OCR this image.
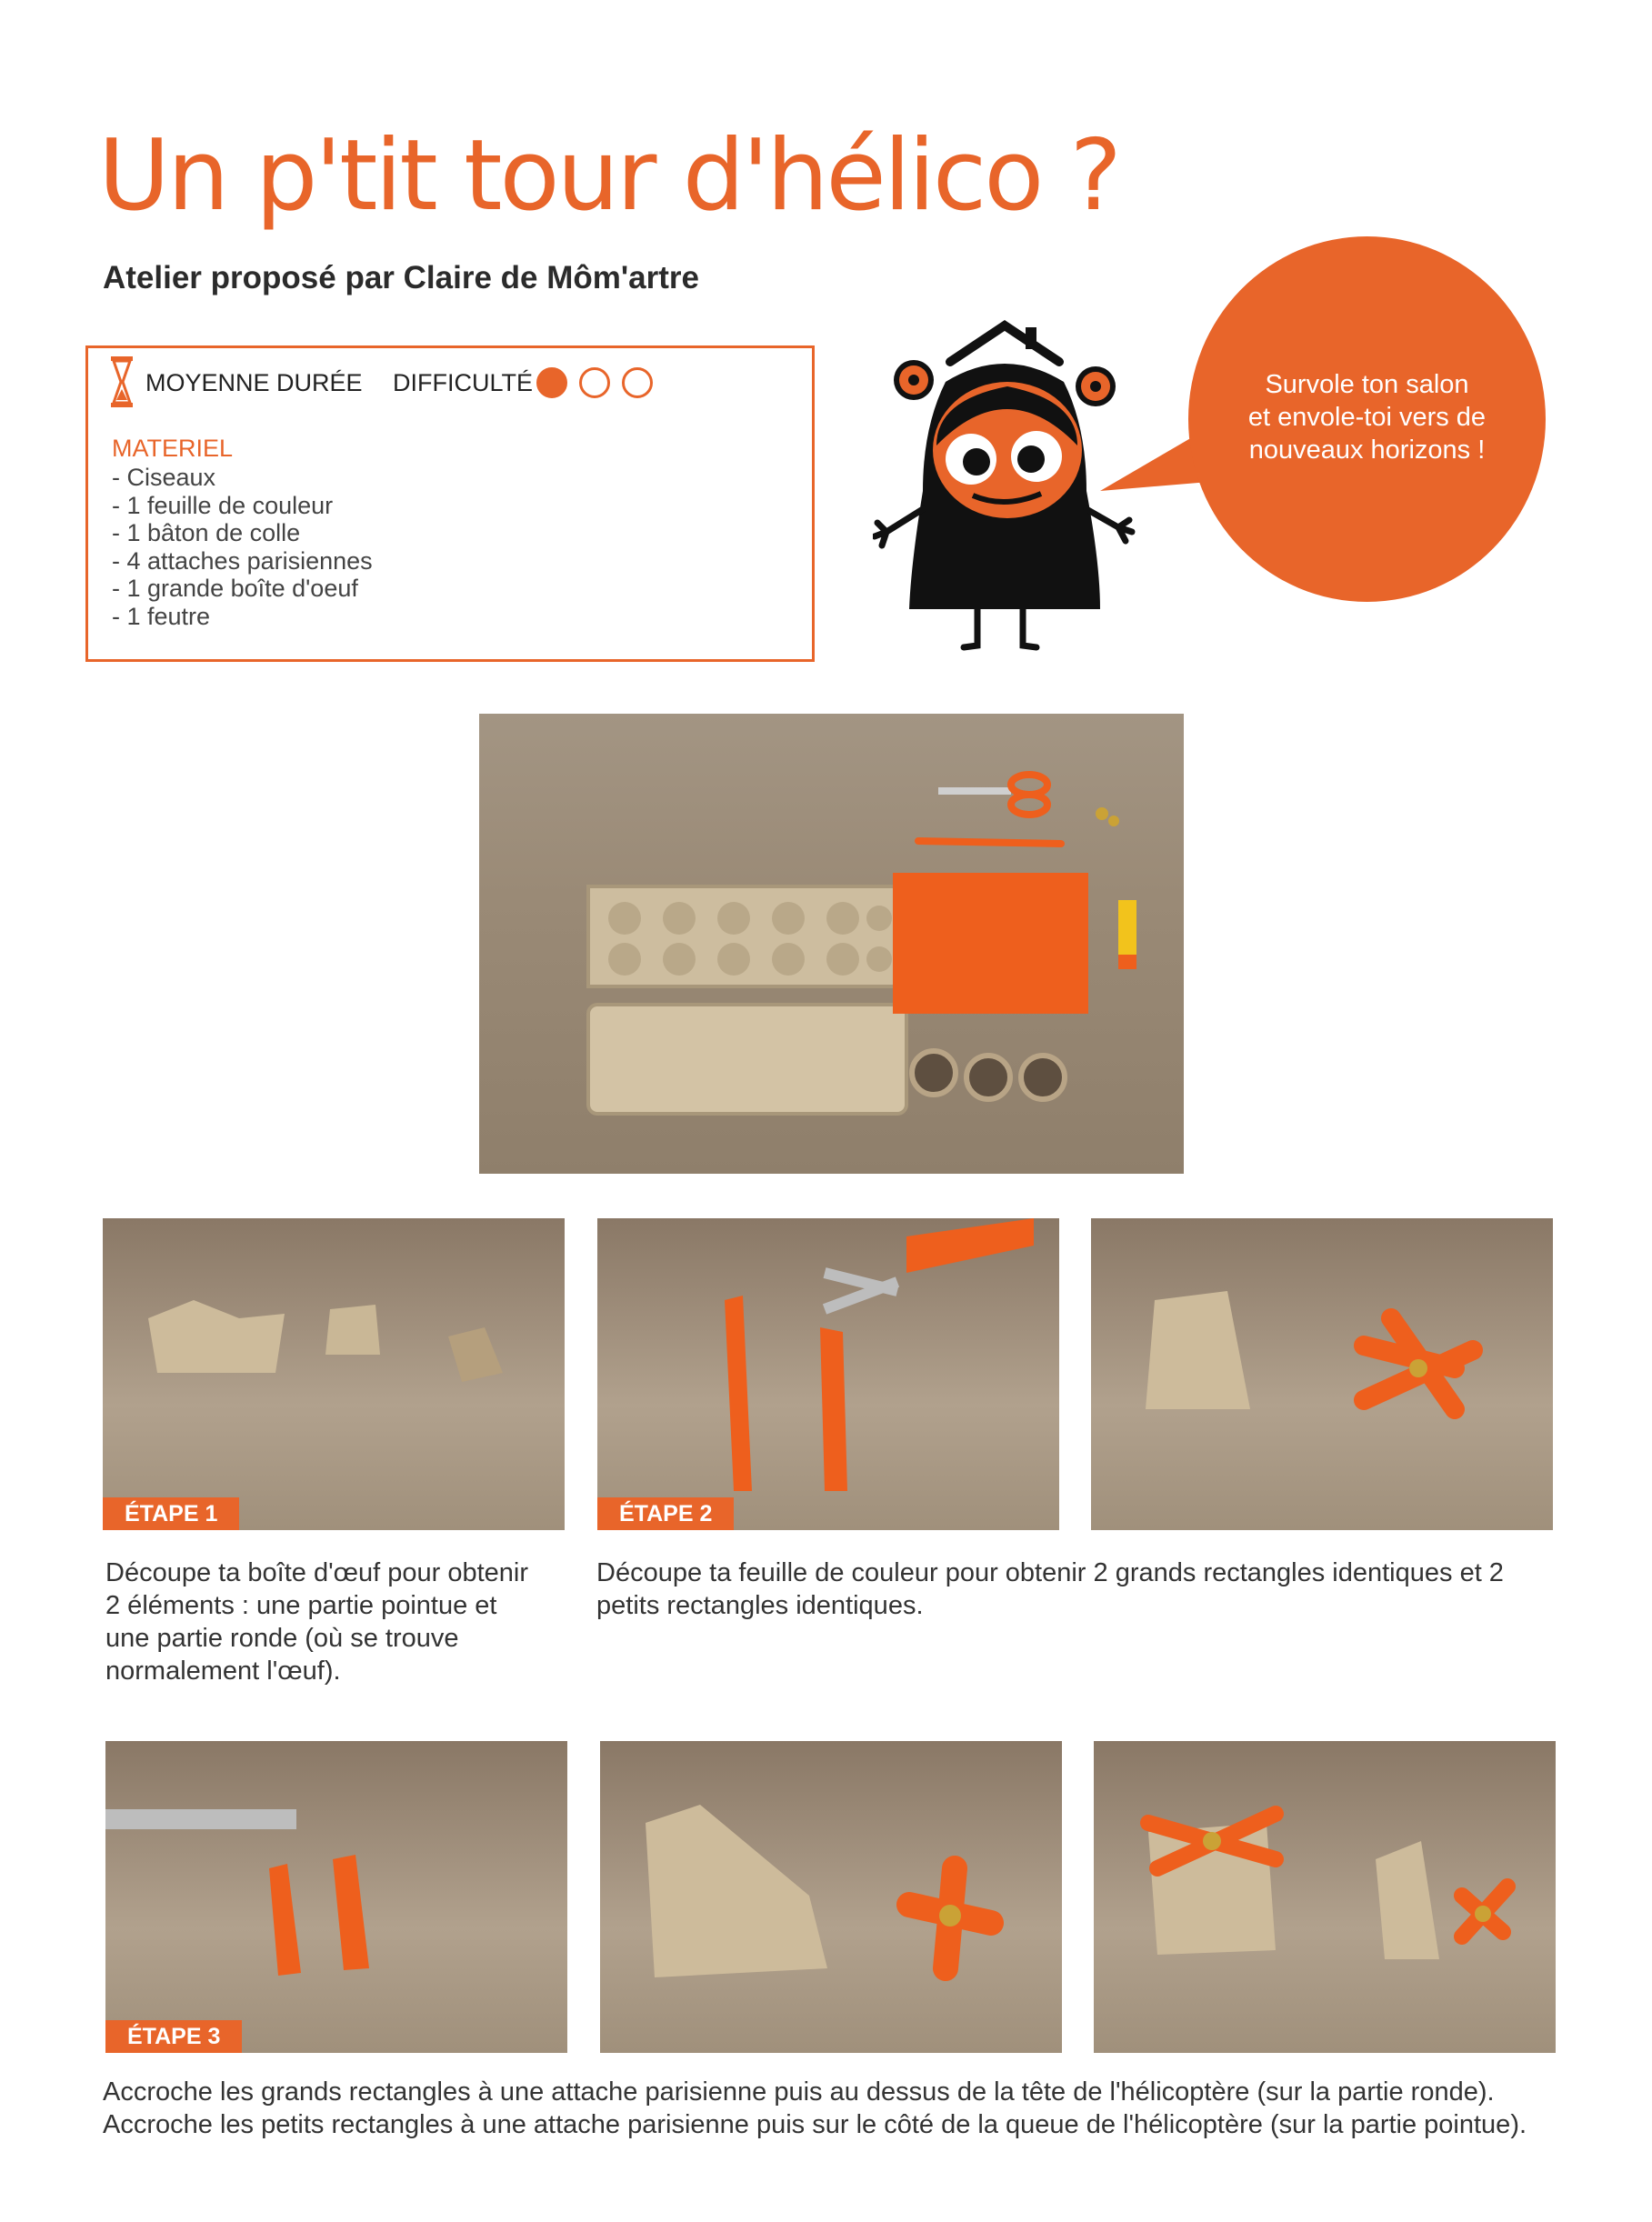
Un p'tit tour d'hélico ?
Atelier proposé par Claire de Môm'artre
MOYENNE DURÉE DIFFICULTÉ
MATERIEL
- Ciseaux
- 1 feuille de couleur
- 1 bâton de colle
- 4 attaches parisiennes
- 1 grande boîte d'oeuf
- 1 feutre
Survole ton salon
et envole-toi vers de
nouveaux horizons !
ÉTAPE 1	ÉTAPE 2
Découpe ta boîte d'œuf pour obtenir 2 éléments : une partie pointue et une partie ronde (où se trouve normalement l'œuf).
Découpe ta feuille de couleur pour obtenir 2 grands rectangles identiques et 2 petits rectangles identiques.
ÉTAPE 3
Accroche les grands rectangles à une attache parisienne puis au dessus de la tête de l'hélicoptère (sur la partie ronde). Accroche les petits rectangles à une attache parisienne puis sur le côté de la queue de l'hélicoptère (sur la partie pointue).
